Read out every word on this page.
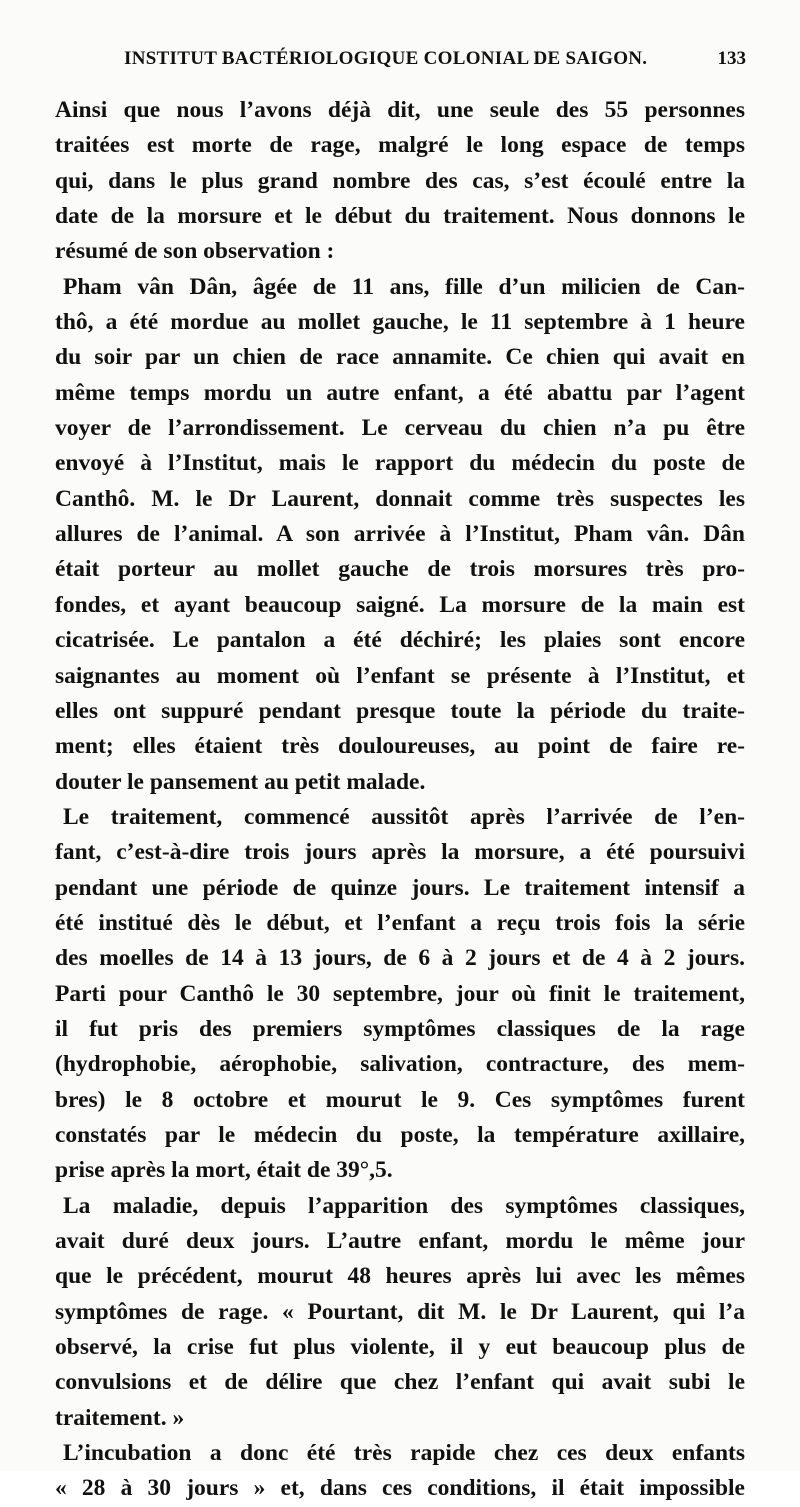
INSTITUT BACTÉRIOLOGIQUE COLONIAL DE SAIGON.	133
Ainsi que nous l’avons déjà dit, une seule des 55 personnes
traitées est morte de rage, malgré le long espace de temps
qui, dans le plus grand nombre des cas, s’est écoulé entre la
date de la morsure et le début du traitement. Nous donnons le
résumé de son observation :
Pham vân Dân, âgée de 11 ans, fille d’un milicien de Can-
thô, a été mordue au mollet gauche, le 11 septembre à 1 heure
du soir par un chien de race annamite. Ce chien qui avait en
même temps mordu un autre enfant, a été abattu par l’agent
voyer de l’arrondissement. Le cerveau du chien n’a pu être
envoyé à l’Institut, mais le rapport du médecin du poste de
Canthô. M. le Dr Laurent, donnait comme très suspectes les
allures de l’animal. A son arrivée à l’Institut, Pham vân. Dân
était porteur au mollet gauche de trois morsures très pro-
fondes, et ayant beaucoup saigné. La morsure de la main est
cicatrisée. Le pantalon a été déchiré; les plaies sont encore
saignantes au moment où l’enfant se présente à l’Institut, et
elles ont suppuré pendant presque toute la période du traite-
ment; elles étaient très douloureuses, au point de faire re-
douter le pansement au petit malade.
Le traitement, commencé aussitôt après l’arrivée de l’en-
fant, c’est-à-dire trois jours après la morsure, a été poursuivi
pendant une période de quinze jours. Le traitement intensif a
été institué dès le début, et l’enfant a reçu trois fois la série
des moelles de 14 à 13 jours, de 6 à 2 jours et de 4 à 2 jours.
Parti pour Canthô le 30 septembre, jour où finit le traitement,
il fut pris des premiers symptômes classiques de la rage
(hydrophobie, aérophobie, salivation, contracture, des mem-
bres) le 8 octobre et mourut le 9. Ces symptômes furent
constatés par le médecin du poste, la température axillaire,
prise après la mort, était de 39°,5.
La maladie, depuis l’apparition des symptômes classiques,
avait duré deux jours. L’autre enfant, mordu le même jour
que le précédent, mourut 48 heures après lui avec les mêmes
symptômes de rage. « Pourtant, dit M. le Dr Laurent, qui l’a
observé, la crise fut plus violente, il y eut beaucoup plus de
convulsions et de délire que chez l’enfant qui avait subi le
traitement. »
L’incubation a donc été très rapide chez ces deux enfants
« 28 à 30 jours » et, dans ces conditions, il était impossible
